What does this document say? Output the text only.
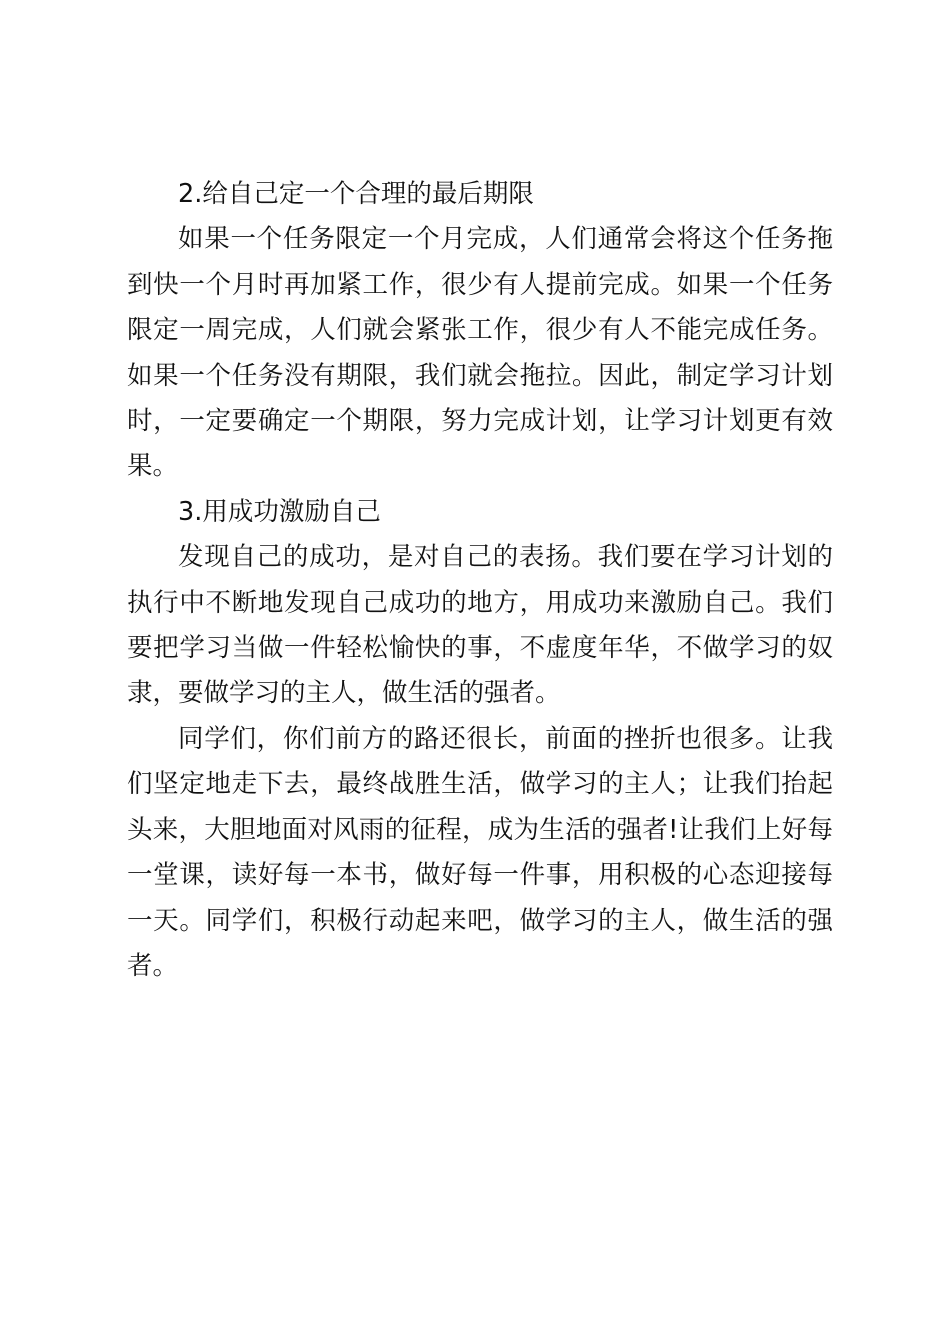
2.给自己定一个合理的最后期限

如果一个任务限定一个月完成，人们通常会将这个任务拖到快一个月时再加紧工作，很少有人提前完成。如果一个任务限定一周完成，人们就会紧张工作，很少有人不能完成任务。如果一个任务没有期限，我们就会拖拉。因此，制定学习计划时，一定要确定一个期限，努力完成计划，让学习计划更有效果。

3.用成功激励自己

发现自己的成功，是对自己的表扬。我们要在学习计划的执行中不断地发现自己成功的地方，用成功来激励自己。我们要把学习当做一件轻松愉快的事，不虚度年华，不做学习的奴隶，要做学习的主人，做生活的强者。

同学们，你们前方的路还很长，前面的挫折也很多。让我们坚定地走下去，最终战胜生活，做学习的主人；让我们抬起头来，大胆地面对风雨的征程，成为生活的强者!让我们上好每一堂课，读好每一本书，做好每一件事，用积极的心态迎接每一天。同学们，积极行动起来吧，做学习的主人，做生活的强者。
